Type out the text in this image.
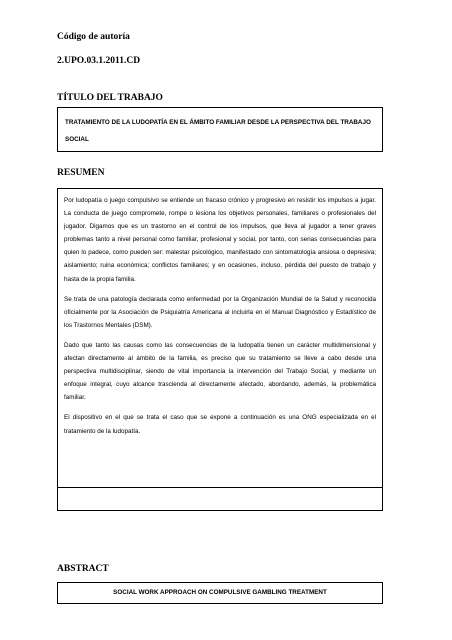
Código de autoría
2.UPO.03.1.2011.CD
TÍTULO DEL TRABAJO
TRATAMIENTO DE LA LUDOPATÍA EN EL ÁMBITO FAMILIAR DESDE LA PERSPECTIVA DEL TRABAJO SOCIAL
RESUMEN

Por ludopatía o juego compulsivo se entiende un fracaso crónico y progresivo en resistir los impulsos a jugar. La conducta de juego compromete, rompe o lesiona los objetivos personales, familiares o profesionales del jugador. Digamos que es un trastorno en el control de los impulsos, que lleva al jugador a tener graves problemas tanto a nivel personal como familiar, profesional y social, por tanto, con serias consecuencias para quien lo padece, como pueden ser: malestar psicológico, manifestado con sintomatología ansiosa o depresiva; aislamiento; ruina económica; conflictos familiares; y en ocasiones, incluso, pérdida del puesto de trabajo y hasta de la propia familia.

Se trata de una patología declarada como enfermedad por la Organización Mundial de la Salud y reconocida oficialmente por la Asociación de Psiquiatría Americana al incluirla en el Manual Diagnóstico y Estadístico de los Trastornos Mentales (DSM).

Dado que tanto las causas como las consecuencias de la ludopatía tienen un carácter multidimensional y afectan directamente al ámbito de la familia, es preciso que su tratamiento se lleve a cabo desde una perspectiva multidisciplinar, siendo de vital importancia la intervención del Trabajo Social, y mediante un enfoque integral, cuyo alcance trascienda al directamente afectado, abordando, además, la problemática familiar.

El dispositivo en el que se trata el caso que se expone a continuación es una ONG especializada en el tratamiento de la ludopatía.

ABSTRACT
SOCIAL WORK APPROACH ON COMPULSIVE GAMBLING TREATMENT
